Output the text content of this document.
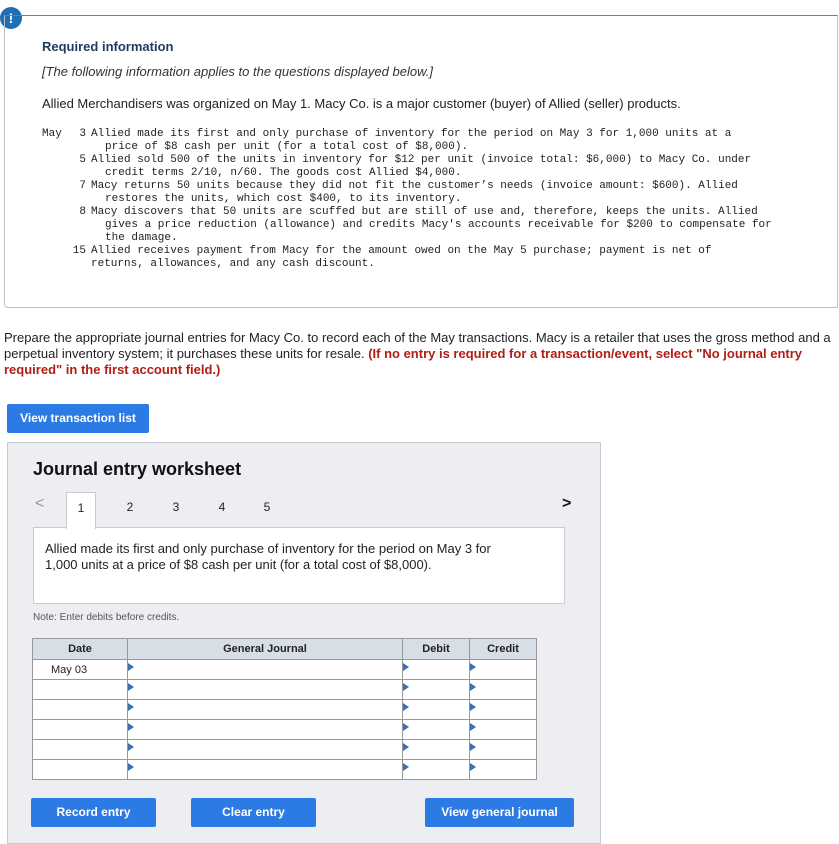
!
Required information
[The following information applies to the questions displayed below.]
Allied Merchandisers was organized on May 1. Macy Co. is a major customer (buyer) of Allied (seller) products.
May	3 Allied made its first and only purchase of inventory for the period on May 3 for 1,000 units at a
price of $8 cash per unit (for a total cost of $8,000).
5 Allied sold 500 of the units in inventory for $12 per unit (invoice total: $6,000) to Macy Co. under
credit terms 2/10, n/60. The goods cost Allied $4,000.
7 Macy returns 50 units because they did not fit the customer’s needs (invoice amount: $600). Allied
restores the units, which cost $400, to its inventory.
8 Macy discovers that 50 units are scuffed but are still of use and, therefore, keeps the units. Allied
gives a price reduction (allowance) and credits Macy's accounts receivable for $200 to compensate for
the damage.
15 Allied receives payment from Macy for the amount owed on the May 5 purchase; payment is net of
returns, allowances, and any cash discount.
Prepare the appropriate journal entries for Macy Co. to record each of the May transactions. Macy is a retailer that uses the gross method and a perpetual inventory system; it purchases these units for resale. (If no entry is required for a transaction/event, select "No journal entry required" in the first account field.)
View transaction list
Journal entry worksheet
<	>
1	2	3	4	5
Allied made its first and only purchase of inventory for the period on May 3 for 1,000 units at a price of $8 cash per unit (for a total cost of $8,000).
Note: Enter debits before credits.
Date	General Journal	Debit	Credit
May 03	

Record entry	Clear entry	View general journal
